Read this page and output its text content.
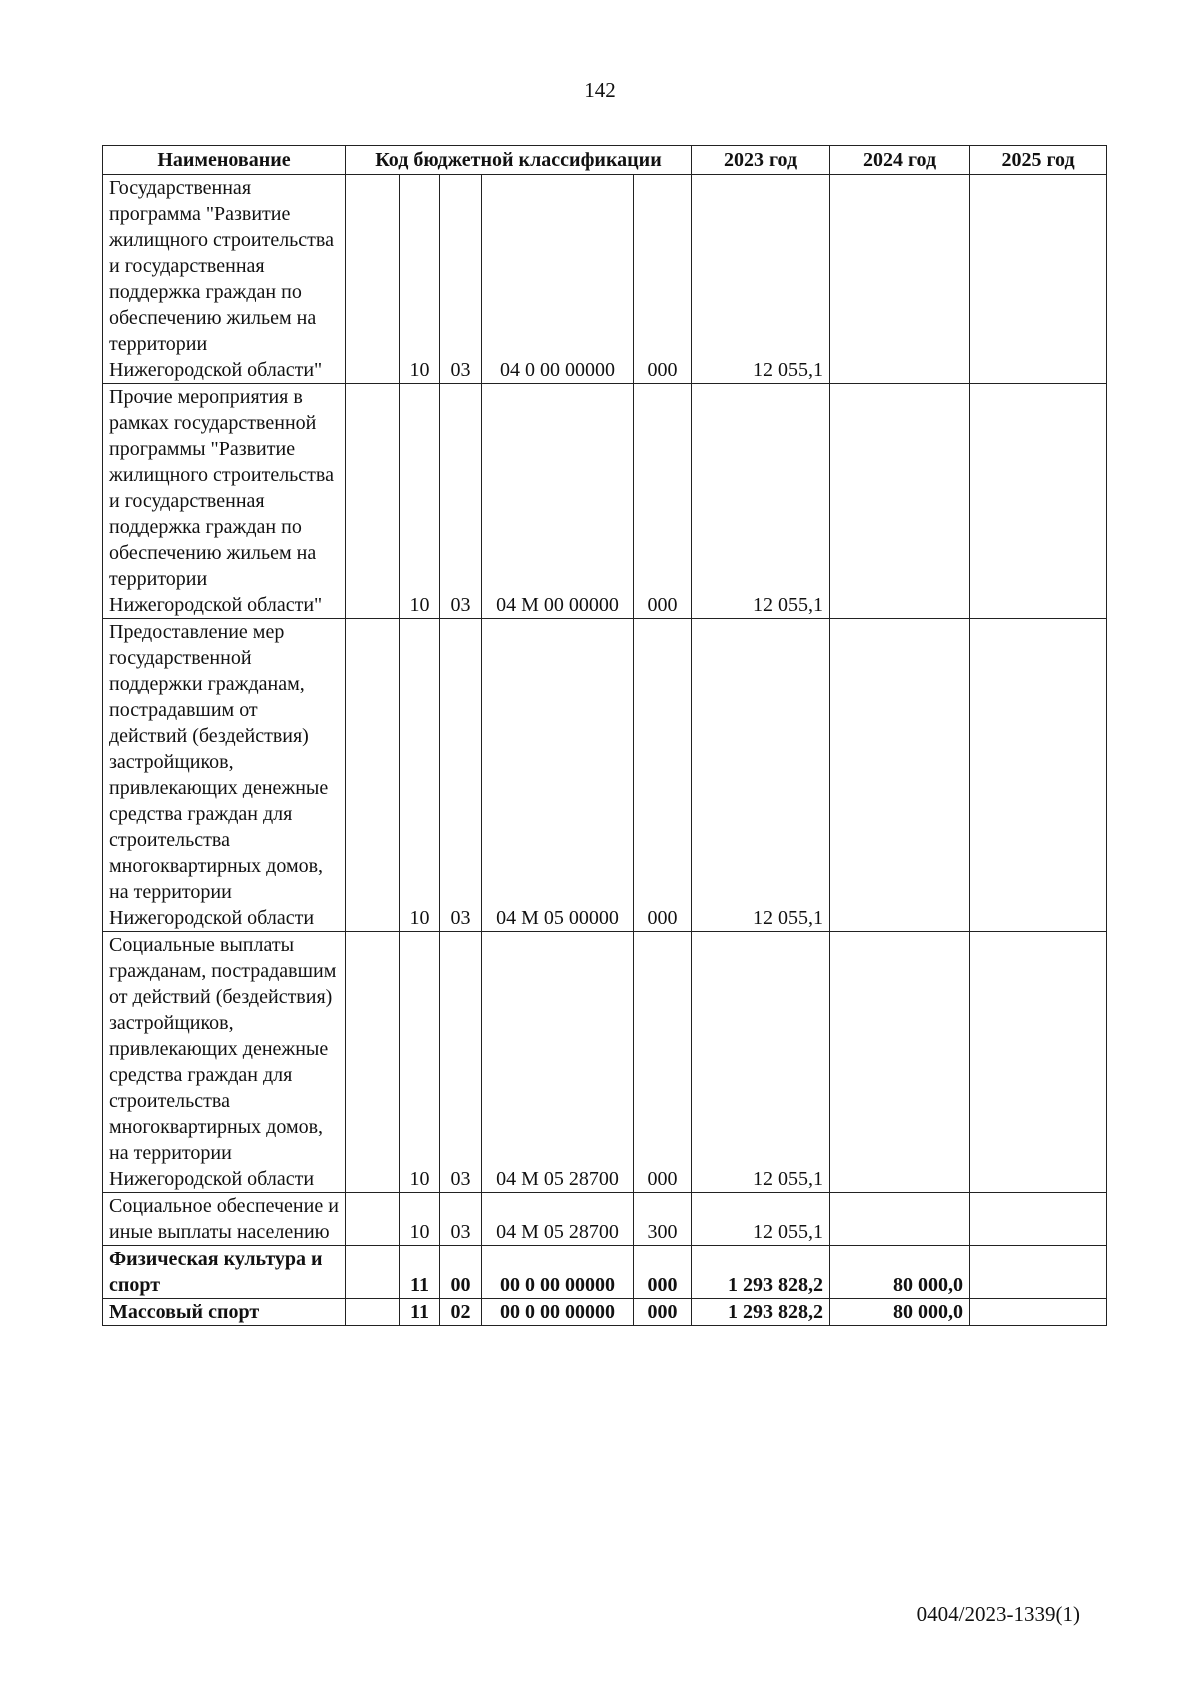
142
Наименование	Код бюджетной классификации					2023 год	2024 год	2025 год
Государственная программа "Развитие жилищного строительства и государственная поддержка граждан по обеспечению жильем на территории Нижегородской области"		10	03	04 0 00 00000	000	12 055,1		
Прочие мероприятия в рамках государственной программы "Развитие жилищного строительства и государственная поддержка граждан по обеспечению жильем на территории Нижегородской области"		10	03	04 М 00 00000	000	12 055,1		
Предоставление мер государственной поддержки гражданам, пострадавшим от действий (бездействия) застройщиков, привлекающих денежные средства граждан для строительства многоквартирных домов, на территории Нижегородской области		10	03	04 М 05 00000	000	12 055,1		
Социальные выплаты гражданам, пострадавшим от действий (бездействия) застройщиков, привлекающих денежные средства граждан для строительства многоквартирных домов, на территории Нижегородской области		10	03	04 М 05 28700	000	12 055,1		
Социальное обеспечение и иные выплаты населению		10	03	04 М 05 28700	300	12 055,1		
Физическая культура и спорт		11	00	00 0 00 00000	000	1 293 828,2	80 000,0	
Массовый спорт		11	02	00 0 00 00000	000	1 293 828,2	80 000,0	
0404/2023-1339(1)
